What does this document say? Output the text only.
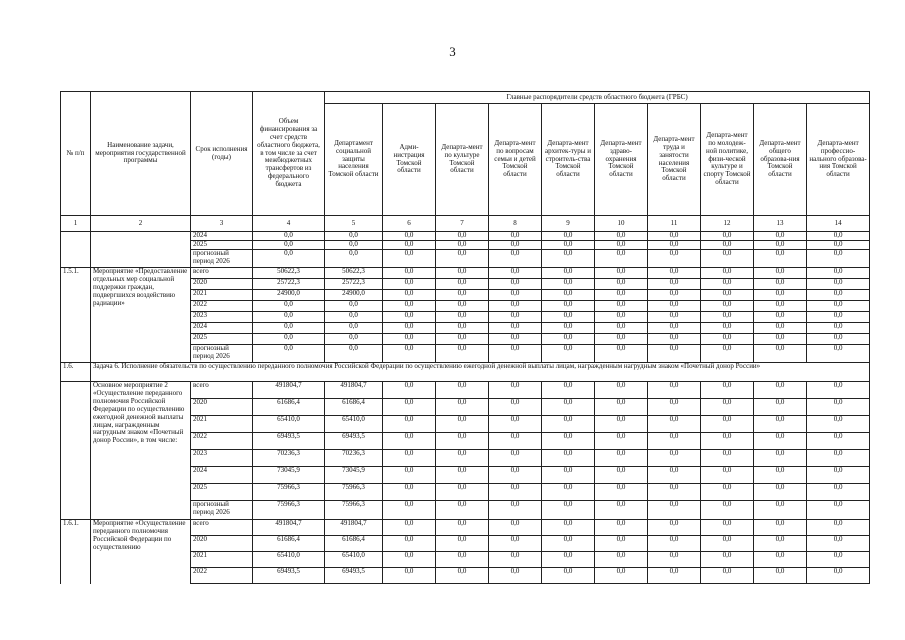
3
№ п/п	Наименование задачи, мероприятия государственной программы	Срок исполнения (годы)	Объем финансирования за счет средств областного бюджета, в том числе за счет межбюджетных трансфертов из федерального бюджета	Главные распорядители средств областного бюджета (ГРБС)									
				Департамент социальной защиты населения Томской области	Адми-нистрация Томской области	Департа-мент по культуре Томской области	Департа-мент по вопросам семьи и детей Томской области	Департа-мент архитек-туры и строитель-ства Томской области	Департа-мент здраво-охранения Томской области	Департа-мент труда и занятости населения Томской области	Департа-мент по молодеж-ной политике, физи-ческой культуре и спорту Томской области	Департа-мент общего образова-ния Томской области	Департа-мент профессио-нального образова-ния Томской области
1	2	3	4	5	6	7	8	9	10	11	12	13	14
		2024	0,0	0,0	0,0	0,0	0,0	0,0	0,0	0,0	0,0	0,0	0,0
		2025	0,0	0,0	0,0	0,0	0,0	0,0	0,0	0,0	0,0	0,0	0,0
		прогнозный период 2026	0,0	0,0	0,0	0,0	0,0	0,0	0,0	0,0	0,0	0,0	0,0
1.5.1.	Мероприятие «Предоставление отдельных мер социальной поддержки граждан, подвергшихся воздействию радиации»	всего	50622,3	50622,3	0,0	0,0	0,0	0,0	0,0	0,0	0,0	0,0	0,0
		2020	25722,3	25722,3	0,0	0,0	0,0	0,0	0,0	0,0	0,0	0,0	0,0
		2021	24900,0	24900,0	0,0	0,0	0,0	0,0	0,0	0,0	0,0	0,0	0,0
		2022	0,0	0,0	0,0	0,0	0,0	0,0	0,0	0,0	0,0	0,0	0,0
		2023	0,0	0,0	0,0	0,0	0,0	0,0	0,0	0,0	0,0	0,0	0,0
		2024	0,0	0,0	0,0	0,0	0,0	0,0	0,0	0,0	0,0	0,0	0,0
		2025	0,0	0,0	0,0	0,0	0,0	0,0	0,0	0,0	0,0	0,0	0,0
		прогнозный период 2026	0,0	0,0	0,0	0,0	0,0	0,0	0,0	0,0	0,0	0,0	0,0
1.6.	Задача 6. Исполнение обязательств по осуществлению переданного полномочия Российской Федерации по осуществлению ежегодной денежной выплаты лицам, награжденным нагрудным знаком «Почетный донор России»												
	Основное мероприятие 2 «Осуществление переданного полномочия Российской Федерации по осуществлению ежегодной денежной выплаты лицам, награжденным нагрудным знаком «Почетный донор России», в том числе:	всего	491804,7	491804,7	0,0	0,0	0,0	0,0	0,0	0,0	0,0	0,0	0,0
		2020	61686,4	61686,4	0,0	0,0	0,0	0,0	0,0	0,0	0,0	0,0	0,0
		2021	65410,0	65410,0	0,0	0,0	0,0	0,0	0,0	0,0	0,0	0,0	0,0
		2022	69493,5	69493,5	0,0	0,0	0,0	0,0	0,0	0,0	0,0	0,0	0,0
		2023	70236,3	70236,3	0,0	0,0	0,0	0,0	0,0	0,0	0,0	0,0	0,0
		2024	73045,9	73045,9	0,0	0,0	0,0	0,0	0,0	0,0	0,0	0,0	0,0
		2025	75966,3	75966,3	0,0	0,0	0,0	0,0	0,0	0,0	0,0	0,0	0,0
		прогнозный период 2026	75966,3	75966,3	0,0	0,0	0,0	0,0	0,0	0,0	0,0	0,0	0,0
1.6.1.	Мероприятие «Осуществление переданного полномочия Российской Федерации по осуществлению	всего	491804,7	491804,7	0,0	0,0	0,0	0,0	0,0	0,0	0,0	0,0	0,0
		2020	61686,4	61686,4	0,0	0,0	0,0	0,0	0,0	0,0	0,0	0,0	0,0
		2021	65410,0	65410,0	0,0	0,0	0,0	0,0	0,0	0,0	0,0	0,0	0,0
		2022	69493,5	69493,5	0,0	0,0	0,0	0,0	0,0	0,0	0,0	0,0	0,0
